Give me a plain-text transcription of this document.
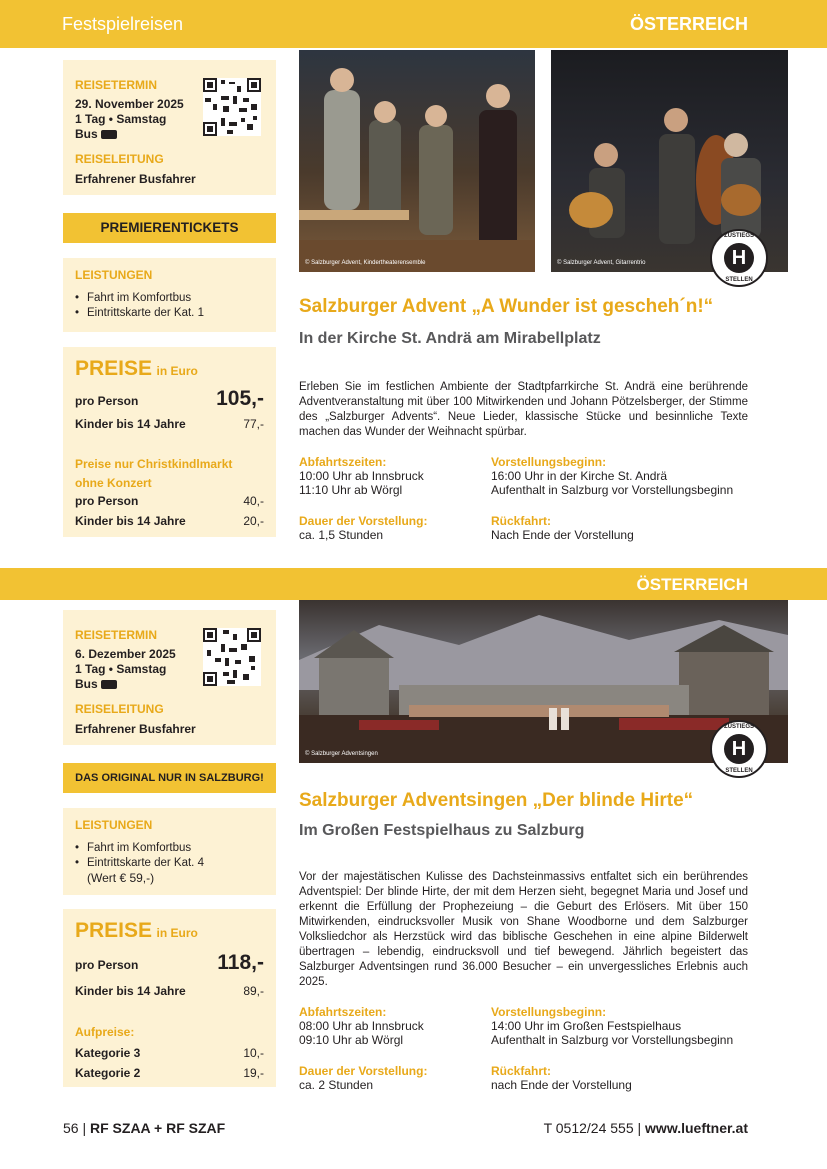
Festspielreisen	ÖSTERREICH
REISETERMIN
29. November 2025
1 Tag • Samstag
Bus
REISELEITUNG
Erfahrener Busfahrer
PREMIERENTICKETS
LEISTUNGEN
• Fahrt im Komfortbus
• Eintrittskarte der Kat. 1
PREISE in Euro
pro Person	105,-
Kinder bis 14 Jahre	77,-
Preise nur Christkindlmarkt ohne Konzert
pro Person	40,-
Kinder bis 14 Jahre	20,-
© Salzburger Advent, Kindertheaterensemble	© Salzburger Advent, Gitarrentrio
ZUSTIEGS
H
STELLEN
Salzburger Advent „A Wunder ist gescheh´n!“
In der Kirche St. Andrä am Mirabellplatz

Erleben Sie im festlichen Ambiente der Stadtpfarrkirche St. Andrä eine berührende Adventveranstaltung mit über 100 Mitwirkenden und Johann Pötzelsberger, der Stimme des „Salzburger Advents“. Neue Lieder, klassische Stücke und besinnliche Texte machen das Wunder der Weihnacht spürbar.

Abfahrtszeiten:
10:00 Uhr ab Innsbruck
11:10 Uhr ab Wörgl
Vorstellungsbeginn:
16:00 Uhr in der Kirche St. Andrä
Aufenthalt in Salzburg vor Vorstellungsbeginn
Dauer der Vorstellung:
ca. 1,5 Stunden
Rückfahrt:
Nach Ende der Vorstellung
ÖSTERREICH
REISETERMIN
6. Dezember 2025
1 Tag • Samstag
Bus
REISELEITUNG
Erfahrener Busfahrer
DAS ORIGINAL NUR IN SALZBURG!
LEISTUNGEN
• Fahrt im Komfortbus
• Eintrittskarte der Kat. 4
(Wert € 59,-)
PREISE in Euro
pro Person	118,-
Kinder bis 14 Jahre	89,-
Aufpreise:
Kategorie 3	10,-
Kategorie 2	19,-
© Salzburger Adventsingen
ZUSTIEGS
H
STELLEN
Salzburger Adventsingen „Der blinde Hirte“
Im Großen Festspielhaus zu Salzburg

Vor der majestätischen Kulisse des Dachsteinmassivs entfaltet sich ein berührendes Adventspiel: Der blinde Hirte, der mit dem Herzen sieht, begegnet Maria und Josef und erkennt die Erfüllung der Prophezeiung – die Geburt des Erlösers. Mit über 150 Mitwirkenden, eindrucksvoller Musik von Shane Woodborne und dem Salzburger Volksliedchor als Herzstück wird das biblische Geschehen in eine alpine Bilderwelt übertragen – lebendig, eindrucksvoll und tief bewegend. Jährlich begeistert das Salzburger Adventsingen rund 36.000 Besucher – ein unvergessliches Erlebnis auch 2025.

Abfahrtszeiten:
08:00 Uhr ab Innsbruck
09:10 Uhr ab Wörgl
Vorstellungsbeginn:
14:00 Uhr im Großen Festspielhaus
Aufenthalt in Salzburg vor Vorstellungsbeginn
Dauer der Vorstellung:
ca. 2 Stunden
Rückfahrt:
nach Ende der Vorstellung
56 | RF SZAA + RF SZAF	T 0512/24 555 | www.lueftner.at
